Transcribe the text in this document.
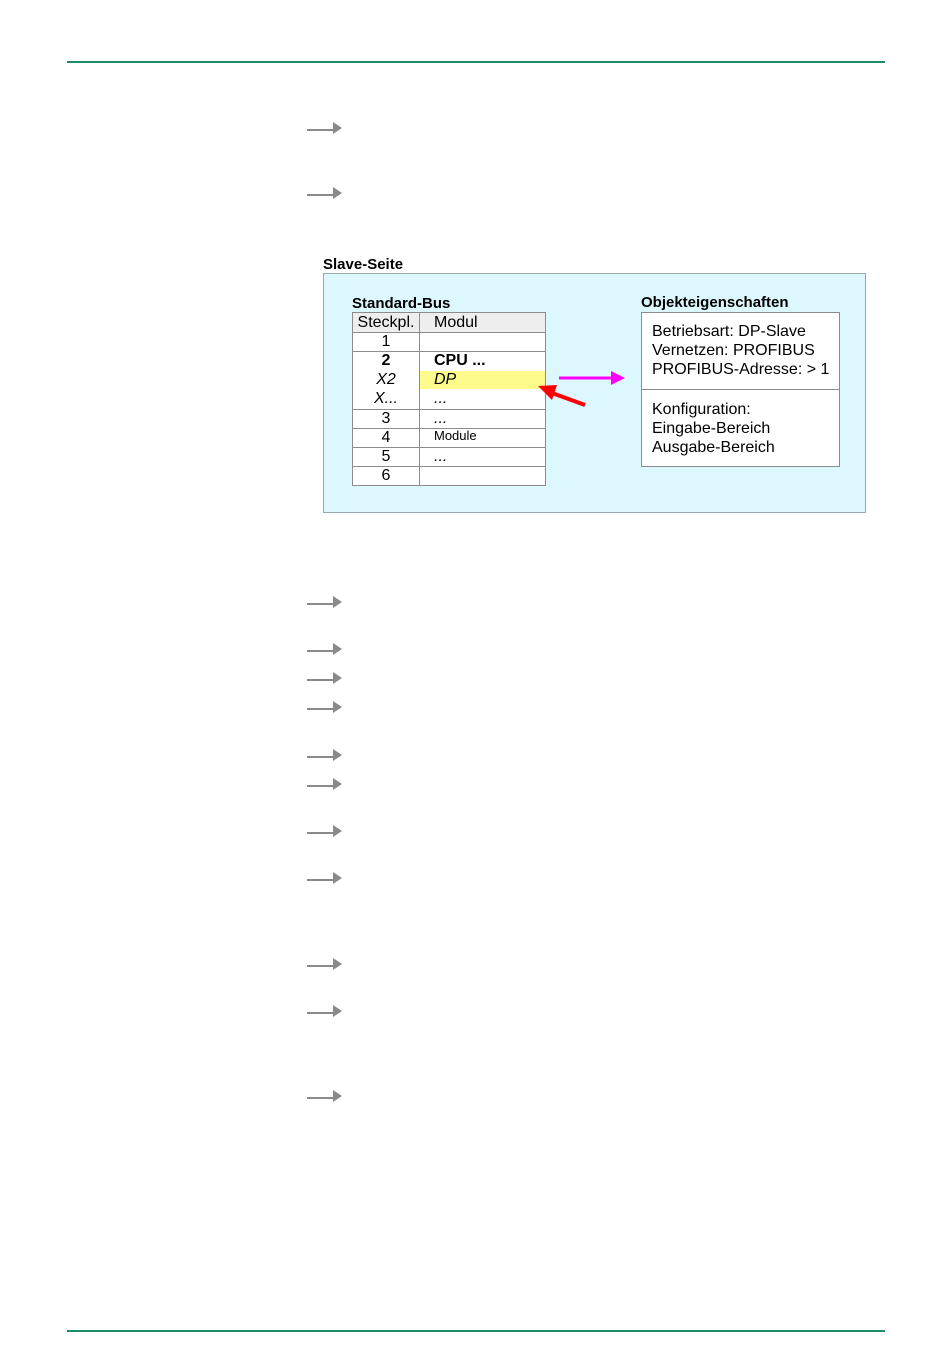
Slave-Seite
Standard-Bus	Objekteigenschaften
Steckpl. Modul
1
2	CPU ...
X2	DP
X...	...
3	...
4	Module
5	...
6
Betriebsart: DP-Slave
Vernetzen: PROFIBUS
PROFIBUS-Adresse: > 1
Konfiguration:
Eingabe-Bereich
Ausgabe-Bereich
